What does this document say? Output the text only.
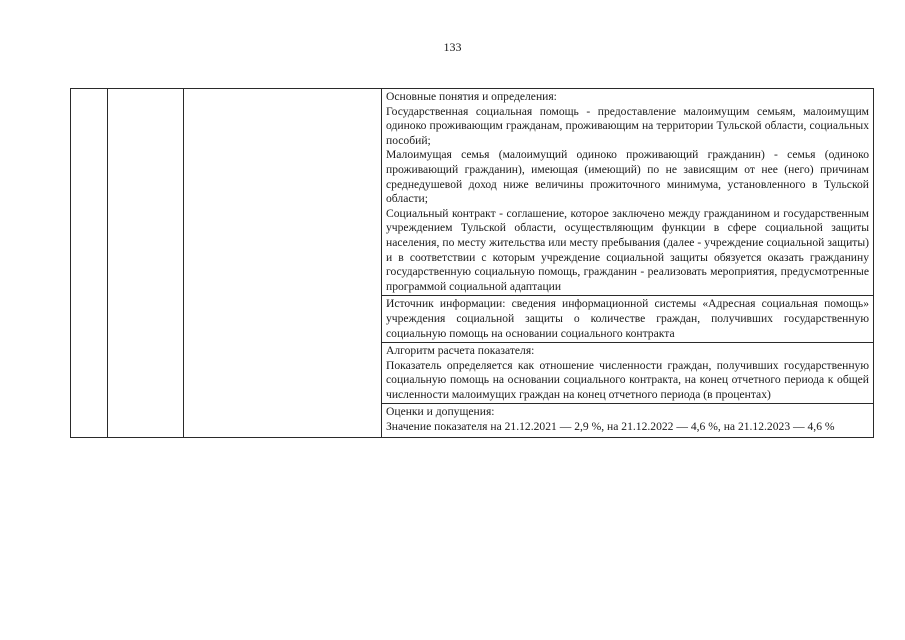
133

Основные понятия и определения:

Государственная социальная помощь - предоставление малоимущим семьям, малоимущим одиноко проживающим гражданам, проживающим на территории Тульской области, социальных пособий;

Малоимущая семья (малоимущий одиноко проживающий гражданин) - семья (одиноко проживающий гражданин), имеющая (имеющий) по не зависящим от нее (него) причинам среднедушевой доход ниже величины прожиточного минимума, установленного в Тульской области;

Социальный контракт - соглашение, которое заключено между гражданином и государственным учреждением Тульской области, осуществляющим функции в сфере социальной защиты населения, по месту жительства или месту пребывания (далее - учреждение социальной защиты) и в соответствии с которым учреждение социальной защиты обязуется оказать гражданину государственную социальную помощь, гражданин - реализовать мероприятия, предусмотренные программой социальной адаптации

Источник информации: сведения информационной системы «Адресная социальная помощь» учреждения социальной защиты о количестве граждан, получивших государственную социальную помощь на основании социального контракта

Алгоритм расчета показателя:

Показатель определяется как отношение численности граждан, получивших государственную социальную помощь на основании социального контракта, на конец отчетного периода к общей численности малоимущих граждан на конец отчетного периода (в процентах)

Оценки и допущения:

Значение показателя на 21.12.2021 — 2,9 %, на 21.12.2022 — 4,6 %, на 21.12.2023 — 4,6 %
